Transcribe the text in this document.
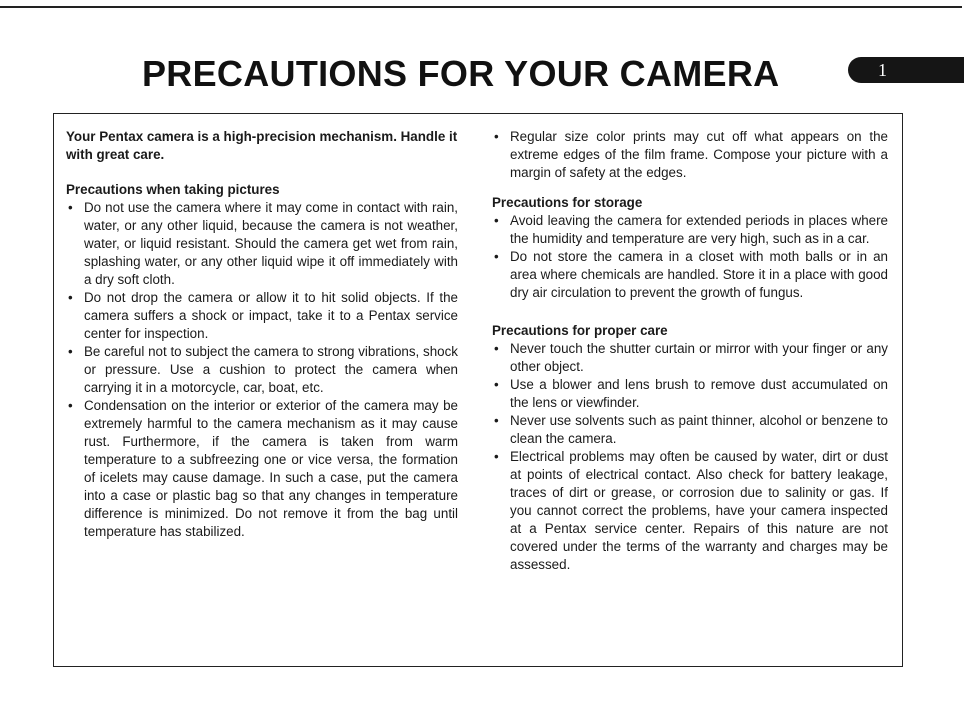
PRECAUTIONS FOR YOUR CAMERA	1

Your Pentax camera is a high-precision mechanism. Handle it with great care.

Precautions when taking pictures

• Do not use the camera where it may come in contact with rain, water, or any other liquid, because the camera is not weather, water, or liquid resistant. Should the camera get wet from rain, splashing water, or any other liquid wipe it off immediately with a dry soft cloth.
• Do not drop the camera or allow it to hit solid objects. If the camera suffers a shock or impact, take it to a Pentax service center for inspection.
• Be careful not to subject the camera to strong vibrations, shock or pressure. Use a cushion to protect the camera when carrying it in a motorcycle, car, boat, etc.
• Condensation on the interior or exterior of the camera may be extremely harmful to the camera mechanism as it may cause rust. Furthermore, if the camera is taken from warm temperature to a subfreezing one or vice versa, the formation of icelets may cause damage. In such a case, put the camera into a case or plastic bag so that any changes in temperature difference is minimized. Do not remove it from the bag until temperature has stabilized.
• Regular size color prints may cut off what appears on the extreme edges of the film frame. Compose your picture with a margin of safety at the edges.

Precautions for storage

• Avoid leaving the camera for extended periods in places where the humidity and temperature are very high, such as in a car.
• Do not store the camera in a closet with moth balls or in an area where chemicals are handled. Store it in a place with good dry air circulation to prevent the growth of fungus.

Precautions for proper care

• Never touch the shutter curtain or mirror with your finger or any other object.
• Use a blower and lens brush to remove dust accumulated on the lens or viewfinder.
• Never use solvents such as paint thinner, alcohol or benzene to clean the camera.
• Electrical problems may often be caused by water, dirt or dust at points of electrical contact. Also check for battery leakage, traces of dirt or grease, or corrosion due to salinity or gas. If you cannot correct the problems, have your camera inspected at a Pentax service center. Repairs of this nature are not covered under the terms of the warranty and charges may be assessed.
